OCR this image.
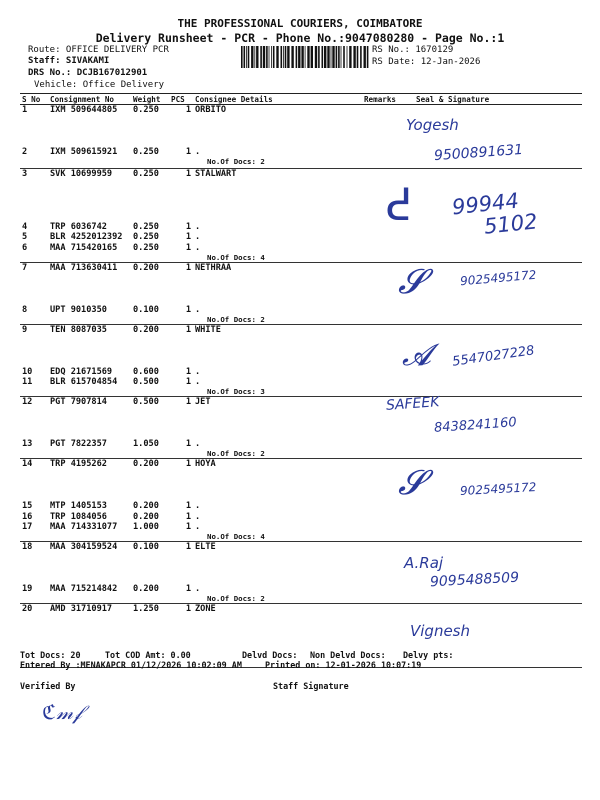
THE PROFESSIONAL COURIERS, COIMBATORE
Delivery Runsheet - PCR - Phone No.:9047080280 - Page No.:1
Route: OFFICE DELIVERY PCR
Staff: SIVAKAMI
DRS No.: DCJB167012901
Vehicle: Office Delivery
RS No.: 1670129
RS Date: 12-Jan-2026
S No	Consignment No	Weight	PCS	Consignee Details	Remarks	Seal & Signature
1	IXM 509644805	0.250	1	ORBITO		

2	IXM 509615921	0.250	1	.
No.Of Docs: 2		

3	SVK 10699959	0.250	1	STALWART		

4	TRP 6036742	0.250	1	.		

5	BLR 4252012392	0.250	1	.		

6	MAA 715420165	0.250	1	.
No.Of Docs: 4		

7	MAA 713630411	0.200	1	NETHRAA		

8	UPT 9010350	0.100	1	.
No.Of Docs: 2		

9	TEN 8087035	0.200	1	WHITE		

10	EDQ 21671569	0.600	1	.		

11	BLR 615704854	0.500	1	.
No.Of Docs: 3		

12	PGT 7907814	0.500	1	JET		

13	PGT 7822357	1.050	1	.
No.Of Docs: 2		

14	TRP 4195262	0.200	1	HOYA		

15	MTP 1405153	0.200	1	.		

16	TRP 1084056	0.200	1	.		

17	MAA 714331077	1.000	1	.
No.Of Docs: 4		

18	MAA 304159524	0.100	1	ELTE		

19	MAA 715214842	0.200	1	.
No.Of Docs: 2		

20	AMD 31710917	1.250	1	ZONE		

Yogesh
9500891631
ᕍ 99944
5102
𝓢	9025495172
𝓐 5547027228
SAFEEK
8438241160
𝓢	9025495172
A.Raj
9095488509
Vignesh
Tot Docs: 20	Tot COD Amt: 0.00	Delvd Docs: Non Delvd Docs: Delvy pts:
Entered By :MENAKAPCR 01/12/2026 10:02:09 AM	Printed on: 12-01-2026 10:07:19
Verified By	Staff Signature
ℭ𝓂𝒻
